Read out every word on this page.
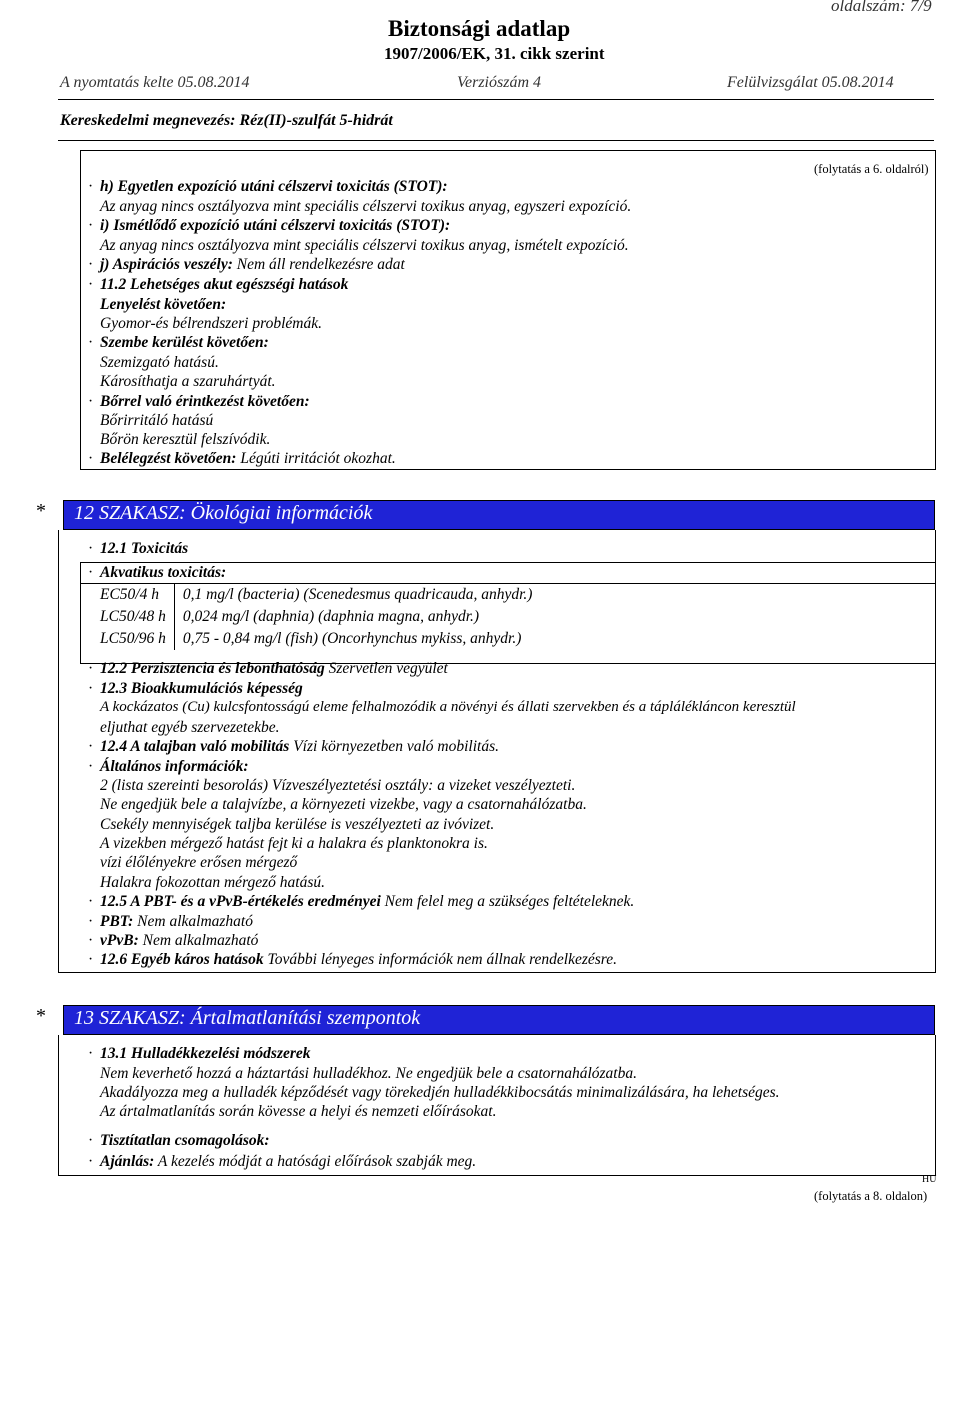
oldalszám: 7/9
Biztonsági adatlap
1907/2006/EK, 31. cikk szerint
A nyomtatás kelte 05.08.2014	Verziószám 4	Felülvizsgálat 05.08.2014
Kereskedelmi megnevezés: Réz(II)-szulfát 5-hidrát
(folytatás a 6. oldalról)
· h) Egyetlen expozíció utáni célszervi toxicitás (STOT):
Az anyag nincs osztályozva mint speciális célszervi toxikus anyag, egyszeri expozíció.
· i) Ismétlődő expozíció utáni célszervi toxicitás (STOT):
Az anyag nincs osztályozva mint speciális célszervi toxikus anyag, ismételt expozíció.
· j) Aspirációs veszély: Nem áll rendelkezésre adat
· 11.2 Lehetséges akut egészségi hatások
Lenyelést követően:
Gyomor-és bélrendszeri problémák.
· Szembe kerülést követően:
Szemizgató hatású.
Károsíthatja a szaruhártyát.
· Bőrrel való érintkezést követően:
Bőrirritáló hatású
Bőrön keresztül felszívódik.
· Belélegzést követően: Légúti irritációt okozhat.
* 12 SZAKASZ: Ökológiai információk
· 12.1 Toxicitás
· Akvatikus toxicitás:
EC50/4 h	0,1 mg/l (bacteria) (Scenedesmus quadricauda, anhydr.)
LC50/48 h	0,024 mg/l (daphnia) (daphnia magna, anhydr.)
LC50/96 h	0,75 - 0,84 mg/l (fish) (Oncorhynchus mykiss, anhydr.)
· 12.2 Perzisztencia és lebonthatóság Szervetlen vegyület
· 12.3 Bioakkumulációs képesség
A kockázatos (Cu) kulcsfontosságú eleme felhalmozódik a növényi és állati szervekben és a táplálékláncon keresztül
eljuthat egyéb szervezetekbe.
· 12.4 A talajban való mobilitás Vízi környezetben való mobilitás.
· Általános információk:
2 (lista szereinti besorolás) Vízveszélyeztetési osztály: a vizeket veszélyezteti.
Ne engedjük bele a talajvízbe, a környezeti vizekbe, vagy a csatornahálózatba.
Csekély mennyiségek taljba kerülése is veszélyezteti az ivóvizet.
A vizekben mérgező hatást fejt ki a halakra és planktonokra is.
vízi élőlényekre erősen mérgező
Halakra fokozottan mérgező hatású.
· 12.5 A PBT- és a vPvB-értékelés eredményei Nem felel meg a szükséges feltételeknek.
· PBT: Nem alkalmazható
· vPvB: Nem alkalmazható
· 12.6 Egyéb káros hatások További lényeges információk nem állnak rendelkezésre.
* 13 SZAKASZ: Ártalmatlanítási szempontok
· 13.1 Hulladékkezelési módszerek
Nem keverhető hozzá a háztartási hulladékhoz. Ne engedjük bele a csatornahálózatba.
Akadályozza meg a hulladék képződését vagy törekedjén hulladékkibocsátás minimalizálására, ha lehetséges.
Az ártalmatlanítás során kövesse a helyi és nemzeti előírásokat.
· Tisztítatlan csomagolások:
· Ajánlás: A kezelés módját a hatósági előírások szabják meg.
HU
(folytatás a 8. oldalon)
